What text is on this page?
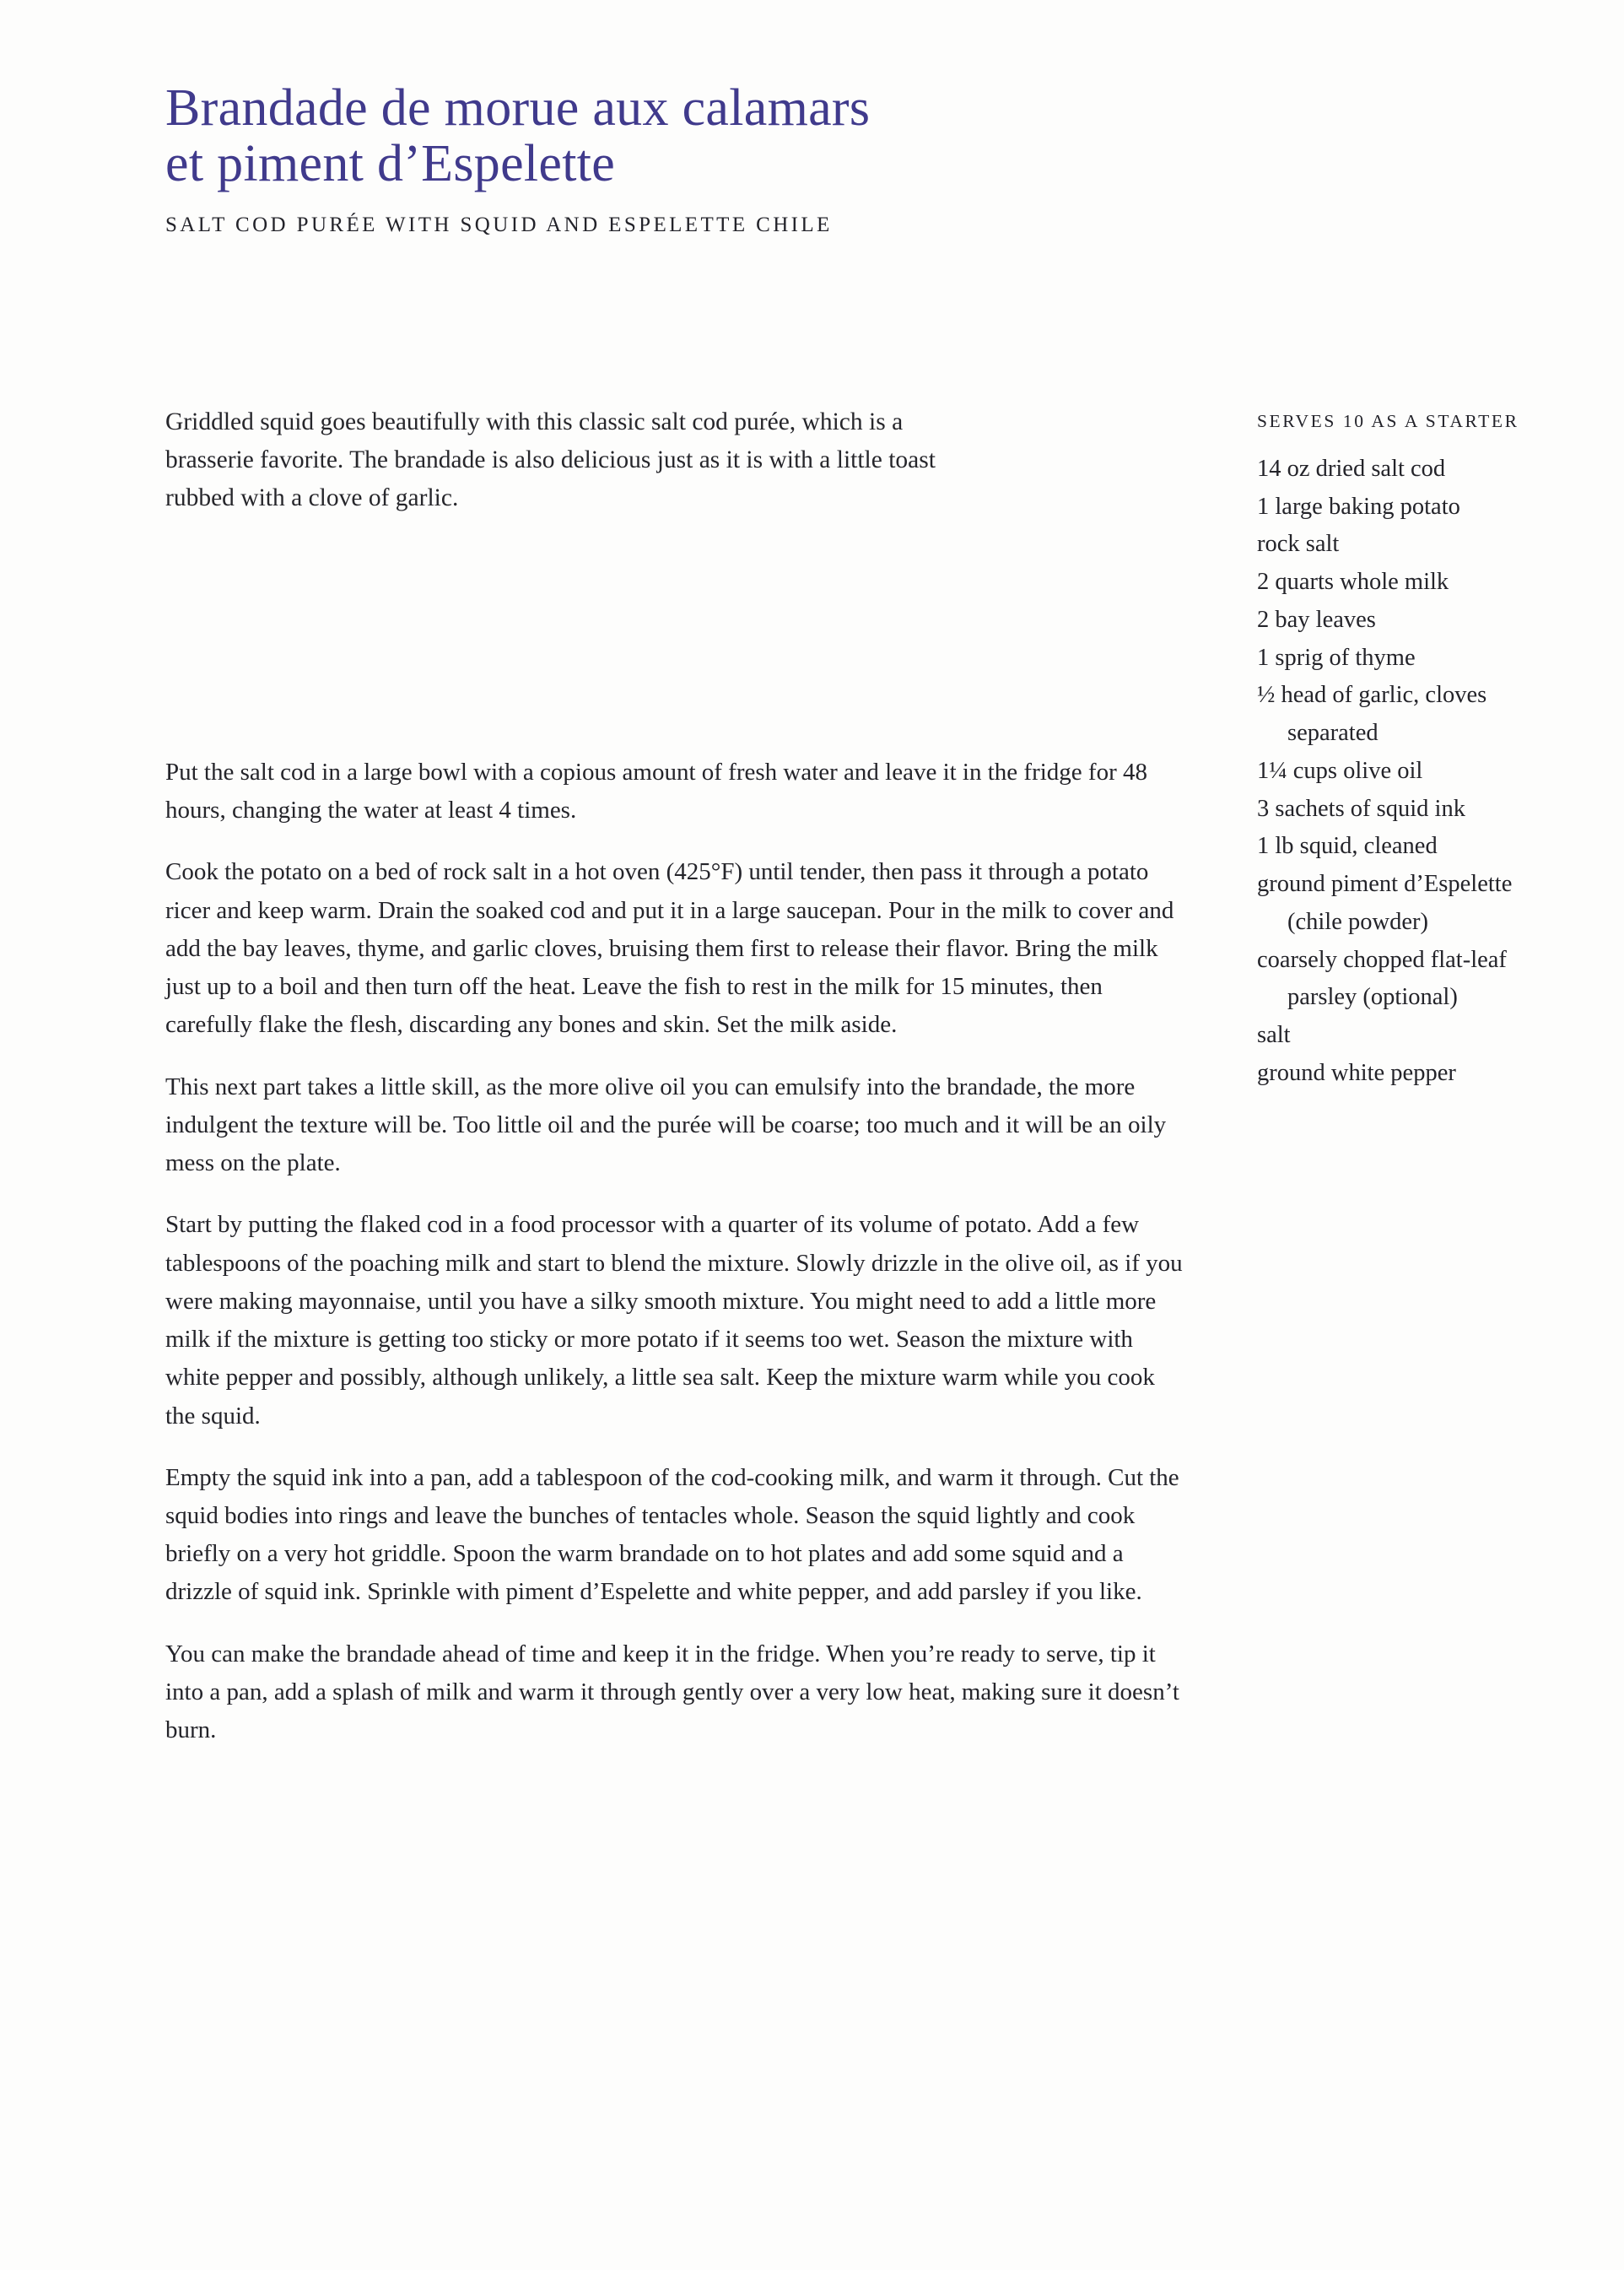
Brandade de morue aux calamars
et piment d’Espelette
SALT COD PURÉE WITH SQUID AND ESPELETTE CHILE

Griddled squid goes beautifully with this classic salt cod purée, which is a brasserie favorite. The brandade is also delicious just as it is with a little toast rubbed with a clove of garlic.

Put the salt cod in a large bowl with a copious amount of fresh water and leave it in the fridge for 48 hours, changing the water at least 4 times.

Cook the potato on a bed of rock salt in a hot oven (425°F) until tender, then pass it through a potato ricer and keep warm. Drain the soaked cod and put it in a large saucepan. Pour in the milk to cover and add the bay leaves, thyme, and garlic cloves, bruising them first to release their flavor. Bring the milk just up to a boil and then turn off the heat. Leave the fish to rest in the milk for 15 minutes, then carefully flake the flesh, discarding any bones and skin. Set the milk aside.

This next part takes a little skill, as the more olive oil you can emulsify into the brandade, the more indulgent the texture will be. Too little oil and the purée will be coarse; too much and it will be an oily mess on the plate.

Start by putting the flaked cod in a food processor with a quarter of its volume of potato. Add a few tablespoons of the poaching milk and start to blend the mixture. Slowly drizzle in the olive oil, as if you were making mayonnaise, until you have a silky smooth mixture. You might need to add a little more milk if the mixture is getting too sticky or more potato if it seems too wet. Season the mixture with white pepper and possibly, although unlikely, a little sea salt. Keep the mixture warm while you cook the squid.

Empty the squid ink into a pan, add a tablespoon of the cod-cooking milk, and warm it through. Cut the squid bodies into rings and leave the bunches of tentacles whole. Season the squid lightly and cook briefly on a very hot griddle. Spoon the warm brandade on to hot plates and add some squid and a drizzle of squid ink. Sprinkle with piment d’Espelette and white pepper, and add parsley if you like.

You can make the brandade ahead of time and keep it in the fridge. When you’re ready to serve, tip it into a pan, add a splash of milk and warm it through gently over a very low heat, making sure it doesn’t burn.

SERVES 10 AS A STARTER
14 oz dried salt cod
1 large baking potato
rock salt
2 quarts whole milk
2 bay leaves
1 sprig of thyme
½ head of garlic, cloves
separated
1¼ cups olive oil
3 sachets of squid ink
1 lb squid, cleaned
ground piment d’Espelette
(chile powder)
coarsely chopped flat-leaf
parsley (optional)
salt
ground white pepper
